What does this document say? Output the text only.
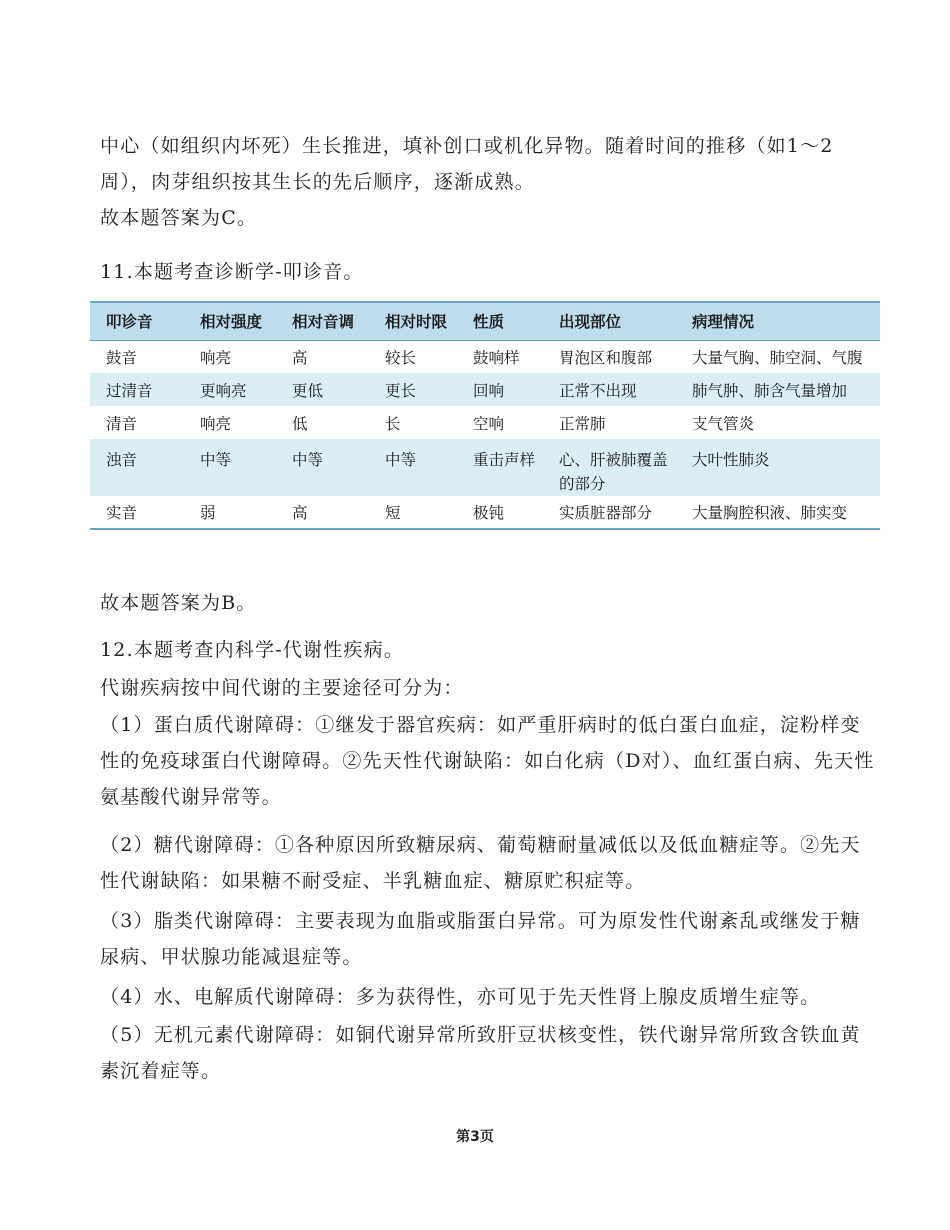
中心（如组织内坏死）生长推进，填补创口或机化异物。随着时间的推移（如1～2周），肉芽组织按其生长的先后顺序，逐渐成熟。
故本题答案为C。
11.本题考查诊断学-叩诊音。
叩诊音	相对强度	相对音调	相对时限	性质	出现部位	病理情况
鼓音	响亮	高	较长	鼓响样	胃泡区和腹部	大量气胸、肺空洞、气腹
过清音	更响亮	更低	更长	回响	正常不出现	肺气肿、肺含气量增加
清音	响亮	低	长	空响	正常肺	支气管炎
浊音	中等	中等	中等	重击声样	心、肝被肺覆盖的部分	大叶性肺炎
实音	弱	高	短	极钝	实质脏器部分	大量胸腔积液、肺实变
故本题答案为B。
12.本题考查内科学-代谢性疾病。
代谢疾病按中间代谢的主要途径可分为：
（1）蛋白质代谢障碍：①继发于器官疾病：如严重肝病时的低白蛋白血症，淀粉样变性的免疫球蛋白代谢障碍。②先天性代谢缺陷：如白化病（D对）、血红蛋白病、先天性氨基酸代谢异常等。
（2）糖代谢障碍：①各种原因所致糖尿病、葡萄糖耐量减低以及低血糖症等。②先天性代谢缺陷：如果糖不耐受症、半乳糖血症、糖原贮积症等。
（3）脂类代谢障碍：主要表现为血脂或脂蛋白异常。可为原发性代谢紊乱或继发于糖尿病、甲状腺功能减退症等。
（4）水、电解质代谢障碍：多为获得性，亦可见于先天性肾上腺皮质增生症等。
（5）无机元素代谢障碍：如铜代谢异常所致肝豆状核变性，铁代谢异常所致含铁血黄素沉着症等。
第3页
